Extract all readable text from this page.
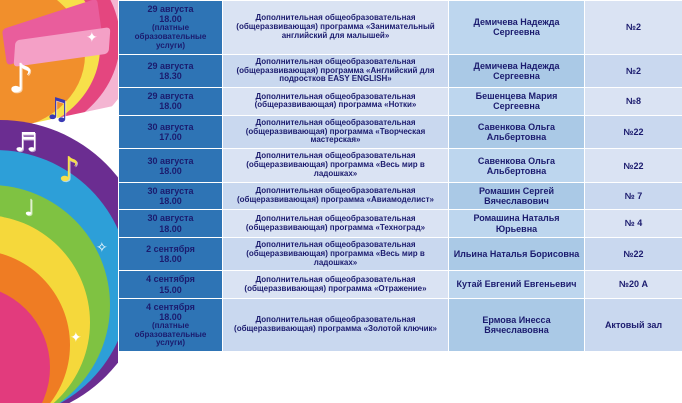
♪
♫
♬
♪
♩
✦
✧
✦
29 августа
18.00
(платные образовательные услуги)	Дополнительная общеобразовательная (общеразвивающая) программа «Занимательный английский для малышей»	Демичева Надежда Сергеевна	№2
29 августа
18.30	Дополнительная общеобразовательная (общеразвивающая) программа «Английский для подростков EASY ENGLISH»	Демичева Надежда Сергеевна	№2
29 августа
18.00	Дополнительная общеобразовательная (общеразвивающая) программа «Нотки»	Бешенцева Мария Сергеевна	№8
30 августа
17.00	Дополнительная общеобразовательная (общеразвивающая) программа «Творческая мастерская»	Савенкова Ольга Альбертовна	№22
30 августа
18.00	Дополнительная общеобразовательная (общеразвивающая) программа «Весь мир в ладошках»	Савенкова Ольга Альбертовна	№22
30 августа
18.00	Дополнительная общеобразовательная (общеразвивающая) программа «Авиамоделист»	Ромашин Сергей Вячеславович	№ 7
30 августа
18.00	Дополнительная общеобразовательная (общеразвивающая) программа «Техноград»	Ромашина Наталья Юрьевна	№ 4
2 сентября
18.00	Дополнительная общеобразовательная (общеразвивающая) программа «Весь мир в ладошках»	Ильина Наталья Борисовна	№22
4 сентября
15.00	Дополнительная общеобразовательная (общеразвивающая) программа «Отражение»	Кутай Евгений Евгеньевич	№20 А
4 сентября
18.00
(платные образовательные услуги)	Дополнительная общеобразовательная (общеразвивающая) программа «Золотой ключик»	Ермова Инесса Вячеславовна	Актовый зал
